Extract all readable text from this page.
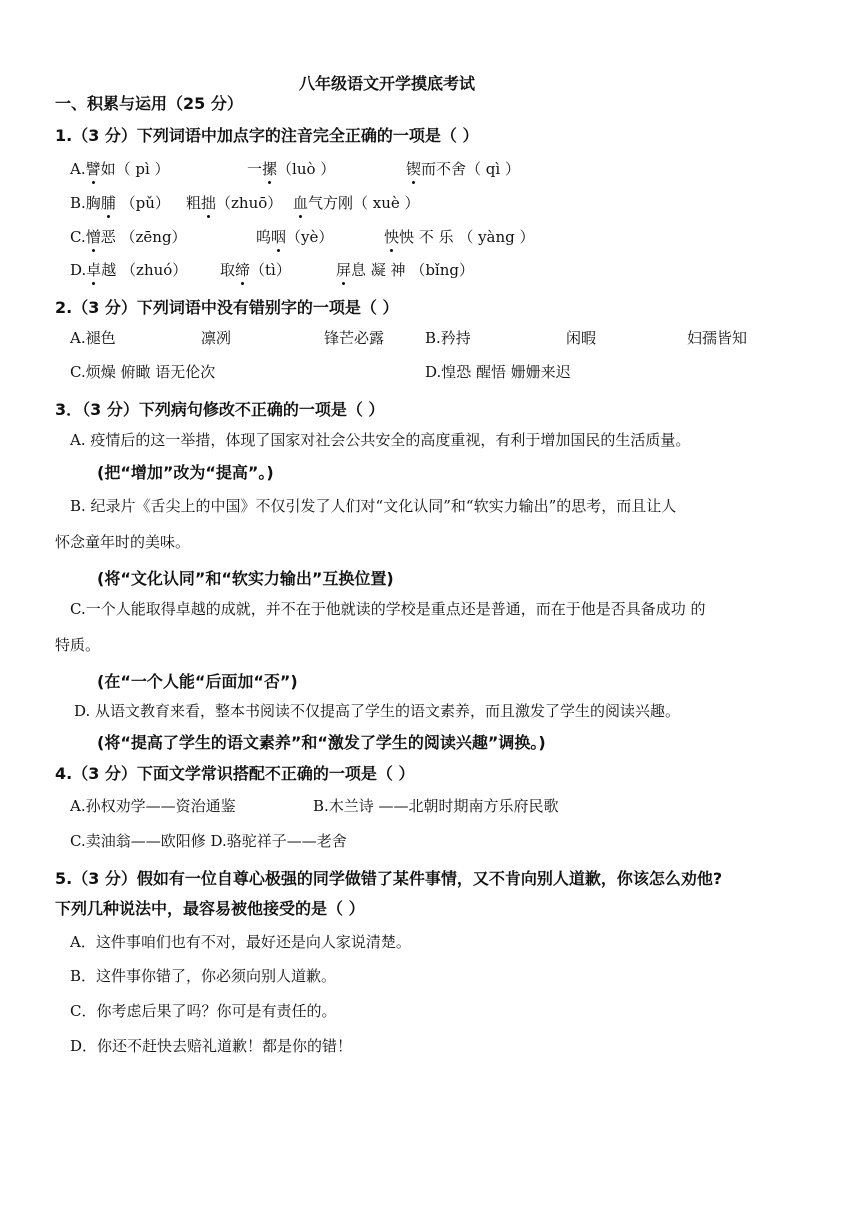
八年级语文开学摸底考试
一、积累与运用（25 分）
1.（3 分）下列词语中加点字的注音完全正确的一项是（ ）
A.譬如（ pì ）	一摞（luò ）	锲而不舍（ qì ）
B.胸脯 （pǔ） 粗拙（zhuō） 血气方刚（ xuè ）
C.憎恶 （zēng）	呜咽（yè）	怏怏 不 乐 （ yàng ）
D.卓越 （zhuó） 取缔（tì）	屏息 凝 神 （bǐng）
2.（3 分）下列词语中没有错别字的一项是（ ）
A.褪色	凛冽	锋芒必露	B.矜持	闲暇	妇孺皆知
C.烦燥 俯瞰 语无伦次	D.惶恐 醒悟 姗姗来迟
3．（3 分）下列病句修改不正确的一项是（ ）
A. 疫情后的这一举措，体现了国家对社会公共安全的高度重视，有利于增加国民的生活质量。
(把“增加”改为“提高”。)
B. 纪录片《舌尖上的中国》不仅引发了人们对“文化认同”和“软实力输出”的思考，而且让人
怀念童年时的美味。
(将“文化认同”和“软实力输出”互换位置)
C.一个人能取得卓越的成就，并不在于他就读的学校是重点还是普通，而在于他是否具备成功 的
特质。
(在“一个人能“后面加“否”)
D. 从语文教育来看，整本书阅读不仅提高了学生的语文素养，而且激发了学生的阅读兴趣。
(将“提高了学生的语文素养”和“激发了学生的阅读兴趣”调换。)
4.（3 分）下面文学常识搭配不正确的一项是（ ）
A.孙权劝学——资治通鉴	B.木兰诗 ——北朝时期南方乐府民歌
C.卖油翁——欧阳修 D.骆驼祥子——老舍
5.（3 分）假如有一位自尊心极强的同学做错了某件事情，又不肯向别人道歉，你该怎么劝他?
下列几种说法中，最容易被他接受的是（ ）
A．这件事咱们也有不对，最好还是向人家说清楚。
B．这件事你错了，你必须向别人道歉。
C．你考虑后果了吗？你可是有责任的。
D．你还不赶快去赔礼道歉！都是你的错！
